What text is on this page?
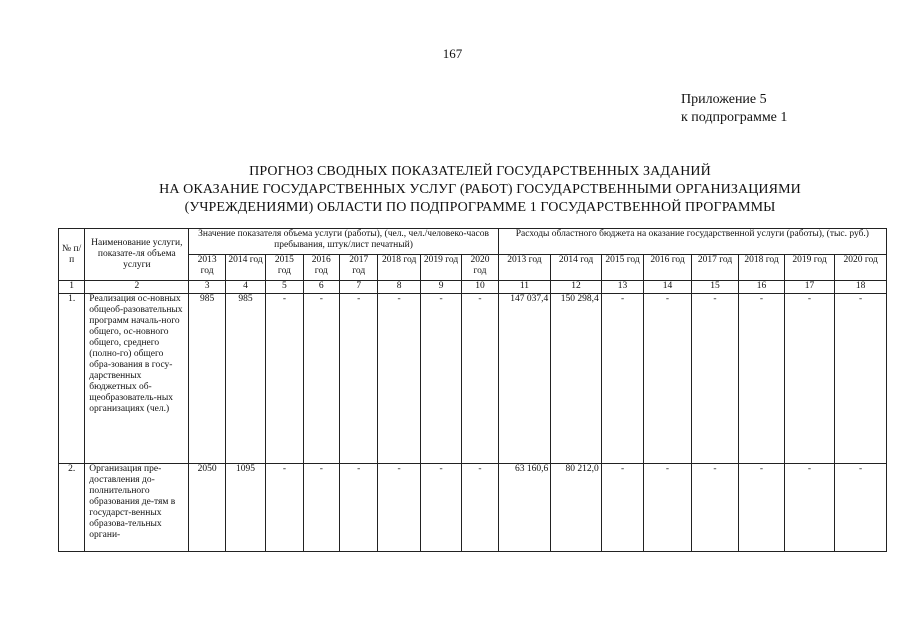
167
Приложение 5
к подпрограмме 1
ПРОГНОЗ СВОДНЫХ ПОКАЗАТЕЛЕЙ ГОСУДАРСТВЕННЫХ ЗАДАНИЙ
НА ОКАЗАНИЕ ГОСУДАРСТВЕННЫХ УСЛУГ (РАБОТ) ГОСУДАРСТВЕННЫМИ ОРГАНИЗАЦИЯМИ
(УЧРЕЖДЕНИЯМИ) ОБЛАСТИ ПО ПОДПРОГРАММЕ 1 ГОСУДАРСТВЕННОЙ ПРОГРАММЫ
№ п/ п	Наименование услуги, показате-ля объема услуги	Значение показателя объема услуги (работы), (чел., чел./человеко-часов пребывания, штук/лист печатный)								Расходы областного бюджета на оказание государственной услуги (работы), (тыс. руб.)							
		2013 год	2014 год	2015 год	2016 год	2017 год	2018 год	2019 год	2020 год	2013 год	2014 год	2015 год	2016 год	2017 год	2018 год	2019 год	2020 год
1	2	3	4	5	6	7	8	9	10	11	12	13	14	15	16	17	18
1.	Реализация ос-новных общеоб-разовательных программ началь-ного общего, ос-новного общего, среднего (полно-го) общего обра-зования в госу-дарственных бюджетных об-щеобразователь-ных организациях (чел.)	985	985	-	-	-	-	-	-	147 037,4	150 298,4	-	-	-	-	-	-
2.	Организация пре-доставления до-полнительного образования де-тям в государст-венных образова-тельных органи-	2050	1095	-	-	-	-	-	-	63 160,6	80 212,0	-	-	-	-	-	-
